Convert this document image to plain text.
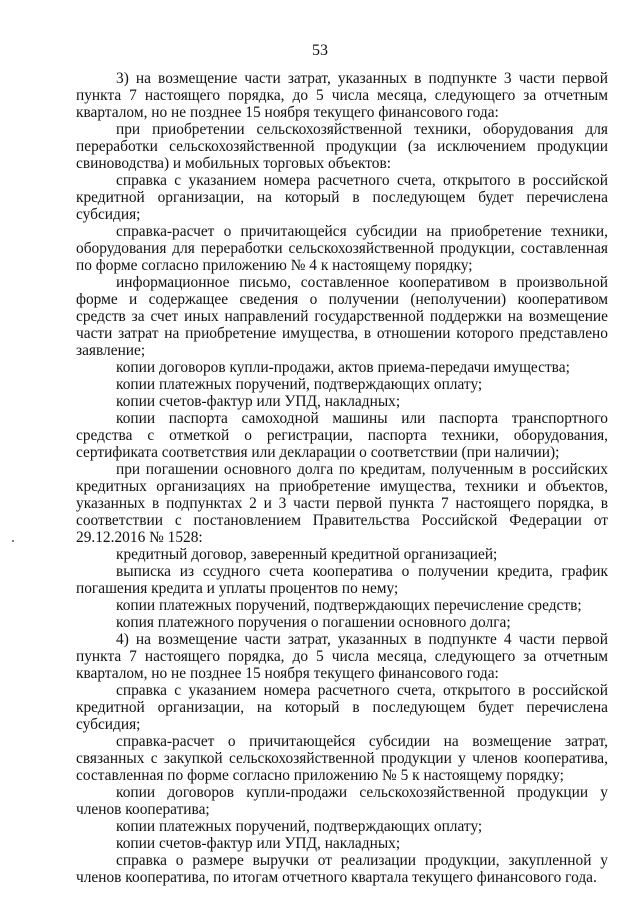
53

3) на возмещение части затрат, указанных в подпункте 3 части первой пункта 7 настоящего порядка, до 5 числа месяца, следующего за отчетным кварталом, но не позднее 15 ноября текущего финансового года:

при приобретении сельскохозяйственной техники, оборудования для переработки сельскохозяйственной продукции (за исключением продукции свиноводства) и мобильных торговых объектов:

справка с указанием номера расчетного счета, открытого в российской кредитной организации, на который в последующем будет перечислена субсидия;

справка-расчет о причитающейся субсидии на приобретение техники, оборудования для переработки сельскохозяйственной продукции, составленная по форме согласно приложению № 4 к настоящему порядку;

информационное письмо, составленное кооперативом в произвольной форме и содержащее сведения о получении (неполучении) кооперативом средств за счет иных направлений государственной поддержки на возмещение части затрат на приобретение имущества, в отношении которого представлено заявление;

копии договоров купли-продажи, актов приема-передачи имущества;

копии платежных поручений, подтверждающих оплату;

копии счетов-фактур или УПД, накладных;

копии паспорта самоходной машины или паспорта транспортного средства с отметкой о регистрации, паспорта техники, оборудования, сертификата соответствия или декларации о соответствии (при наличии);

при погашении основного долга по кредитам, полученным в российских кредитных организациях на приобретение имущества, техники и объектов, указанных в подпунктах 2 и 3 части первой пункта 7 настоящего порядка, в соответствии с постановлением Правительства Российской Федерации от 29.12.2016 № 1528:

кредитный договор, заверенный кредитной организацией;

выписка из ссудного счета кооператива о получении кредита, график погашения кредита и уплаты процентов по нему;

копии платежных поручений, подтверждающих перечисление средств;

копия платежного поручения о погашении основного долга;

4) на возмещение части затрат, указанных в подпункте 4 части первой пункта 7 настоящего порядка, до 5 числа месяца, следующего за отчетным кварталом, но не позднее 15 ноября текущего финансового года:

справка с указанием номера расчетного счета, открытого в российской кредитной организации, на который в последующем будет перечислена субсидия;

справка-расчет о причитающейся субсидии на возмещение затрат, связанных с закупкой сельскохозяйственной продукции у членов кооператива, составленная по форме согласно приложению № 5 к настоящему порядку;

копии договоров купли-продажи сельскохозяйственной продукции у членов кооператива;

копии платежных поручений, подтверждающих оплату;

копии счетов-фактур или УПД, накладных;

справка о размере выручки от реализации продукции, закупленной у членов кооператива, по итогам отчетного квартала текущего финансового года.
